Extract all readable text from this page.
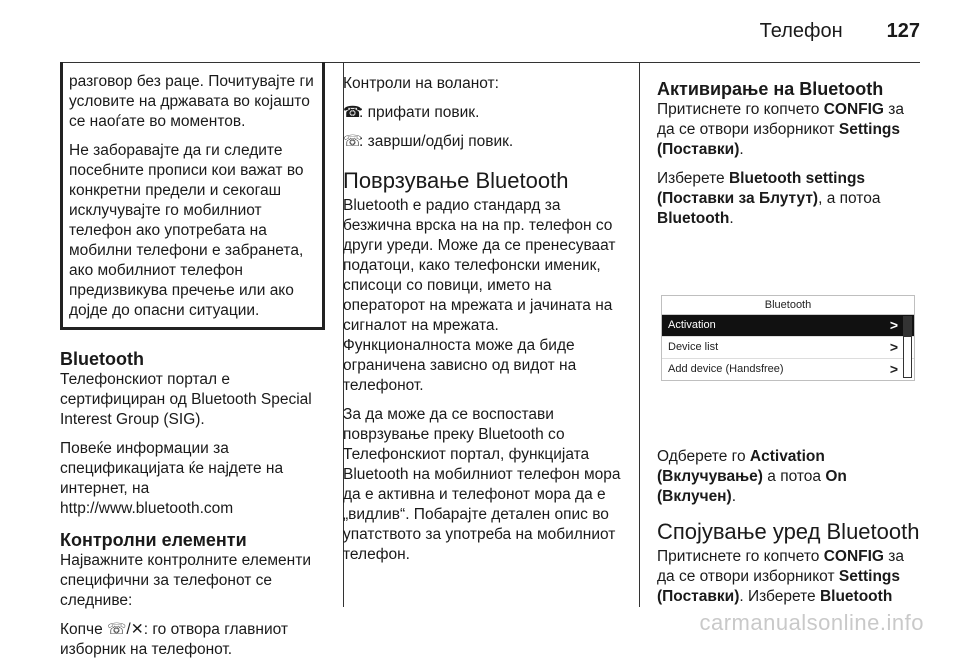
Телефон 127

разговор без раце. Почитувајте ги условите на државата во којашто се наоѓате во моментов.

Не заборавајте да ги следите посебните прописи кои важат во конкретни предели и секогаш исклучувајте го мобилниот телефон ако употребата на мобилни телефони е забранета, ако мобилниот телефон предизвикува пречење или ако дојде до опасни ситуации.

Bluetooth

Телефонскиот портал е сертифициран од Bluetooth Special Interest Group (SIG).

Повеќе информации за спецификацијата ќе најдете на интернет, на

http://www.bluetooth.com

Контролни елементи

Најважните контролните елементи специфични за телефонот се следниве:

Копче ☏/✕: го отвора главниот изборник на телефонот.

Контроли на воланот:

☎: прифати повик.

☏: заврши/одбиј повик.

Поврзување Bluetooth

Bluetooth е радио стандард за безжична врска на на пр. телефон со други уреди. Може да се пренесуваат податоци, како телефонски именик, списоци со повици, името на операторот на мрежата и јачината на сигналот на мрежата. Функционалноста може да биде ограничена зависно од видот на телефонот.

За да може да се воспостави поврзување преку Bluetooth со Телефонскиот портал, функцијата Bluetooth на мобилниот телефон мора да е активна и телефонот мора да е „видлив“. Побарајте детален опис во упатството за употреба на мобилниот телефон.

Активирање на Bluetooth

Притиснете го копчето CONFIG за да се отвори изборникот Settings (Поставки).

Изберете Bluetooth settings (Поставки за Блутут), а потоа Bluetooth.

Bluetooth
Activation	>
Device list	>
Add device (Handsfree)	>

Одберете го Activation (Вклучување) а потоа On (Вклучен).

Спојување уред Bluetooth

Притиснете го копчето CONFIG за да се отвори изборникот Settings (Поставки). Изберете Bluetooth

carmanualsonline.info
